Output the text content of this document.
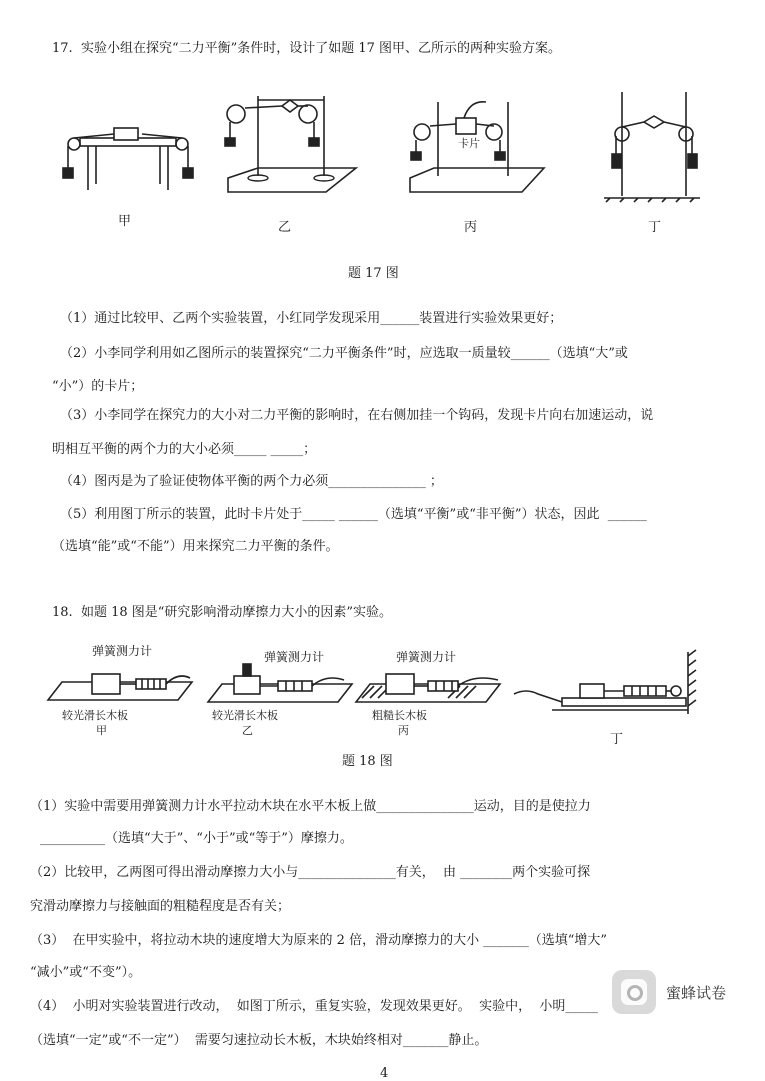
17.  实验小组在探究“二力平衡”条件时，设计了如题 17 图甲、乙所示的两种实验方案。
甲	乙
卡片
丙	丁
题 17 图
（1）通过比较甲、乙两个实验装置，小红同学发现采用______装置进行实验效果更好；
（2）小李同学利用如乙图所示的装置探究“二力平衡条件”时，应选取一质量较______（选填“大”或
“小”）的卡片；
（3）小李同学在探究力的大小对二力平衡的影响时，在右侧加挂一个钩码，发现卡片向右加速运动，说
明相互平衡的两个力的大小必须_____ _____；
（4）图丙是为了验证使物体平衡的两个力必须_______________ ；
（5）利用图丁所示的装置，此时卡片处于_____ ______（选填“平衡”或“非平衡”）状态，因此  ______
（选填“能”或“不能”）用来探究二力平衡的条件。
18.  如题 18 图是“研究影响滑动摩擦力大小的因素”实验。
弹簧测力计	弹簧测力计	弹簧测力计
较光滑长木板
甲
较光滑长木板
乙
粗糙长木板
丙
丁
题 18 图
（1）实验中需要用弹簧测力计水平拉动木块在水平木板上做_______________运动，目的是使拉力
__________（选填“大于”、“小于”或“等于”）摩擦力。
（2）比较甲，乙两图可得出滑动摩擦力大小与_______________有关，  由 ________两个实验可探
究滑动摩擦力与接触面的粗糙程度是否有关；
（3）  在甲实验中，将拉动木块的速度增大为原来的 2 倍，滑动摩擦力的大小 _______（选填“增大”
“减小”或“不变”）。
（4）  小明对实验装置进行改动，  如图丁所示，重复实验，发现效果更好。  实验中，  小明_____
（选填“一定”或“不一定”）  需要匀速拉动长木板，木块始终相对_______静止。
蜜蜂试卷
4
